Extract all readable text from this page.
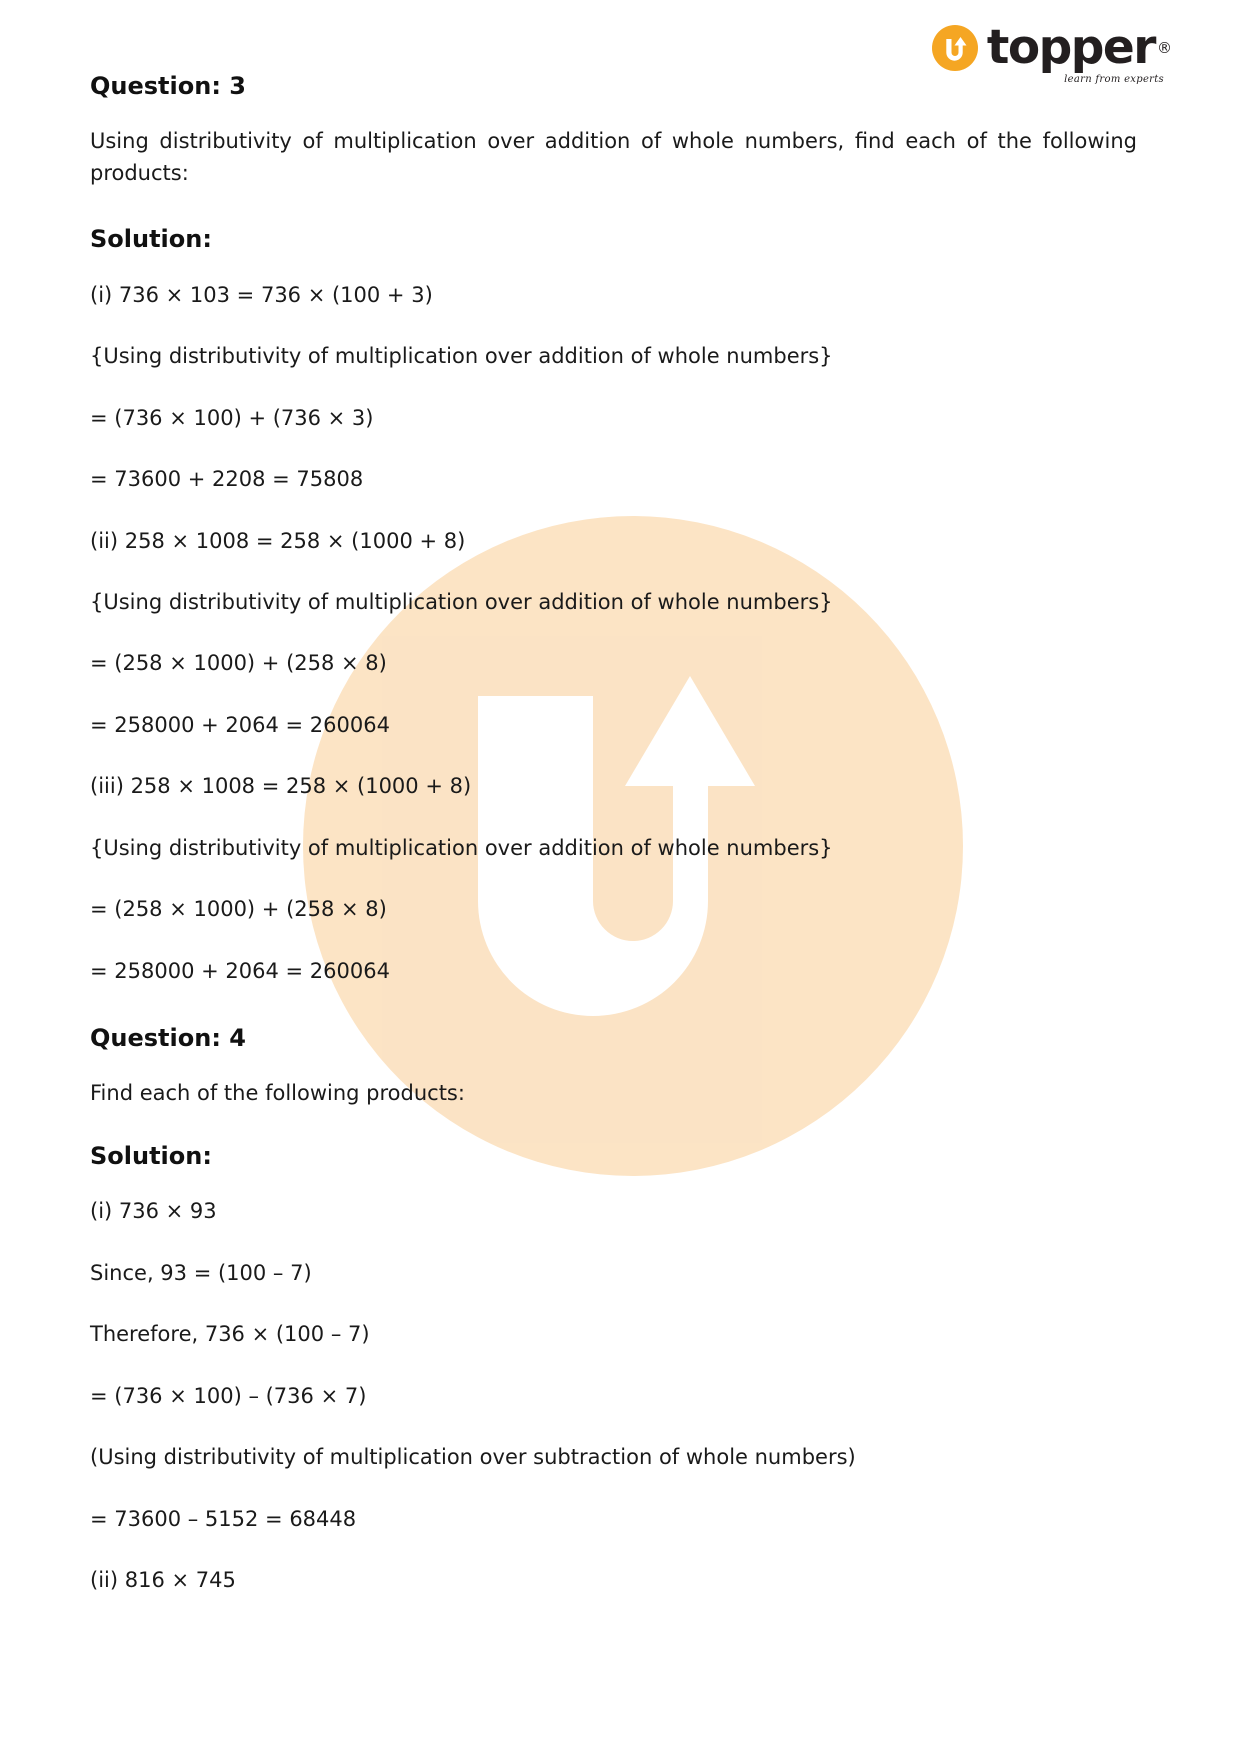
topper ®
learn from experts
Question: 3

Using distributivity of multiplication over addition of whole numbers, find each of the following products:

Solution:

(i) 736 × 103 = 736 × (100 + 3)

{Using distributivity of multiplication over addition of whole numbers}

= (736 × 100) + (736 × 3)

= 73600 + 2208 = 75808

(ii) 258 × 1008 = 258 × (1000 + 8)

{Using distributivity of multiplication over addition of whole numbers}

= (258 × 1000) + (258 × 8)

= 258000 + 2064 = 260064

(iii) 258 × 1008 = 258 × (1000 + 8)

{Using distributivity of multiplication over addition of whole numbers}

= (258 × 1000) + (258 × 8)

= 258000 + 2064 = 260064

Question: 4

Find each of the following products:

Solution:

(i) 736 × 93

Since, 93 = (100 – 7)

Therefore, 736 × (100 – 7)

= (736 × 100) – (736 × 7)

(Using distributivity of multiplication over subtraction of whole numbers)

= 73600 – 5152 = 68448

(ii) 816 × 745
